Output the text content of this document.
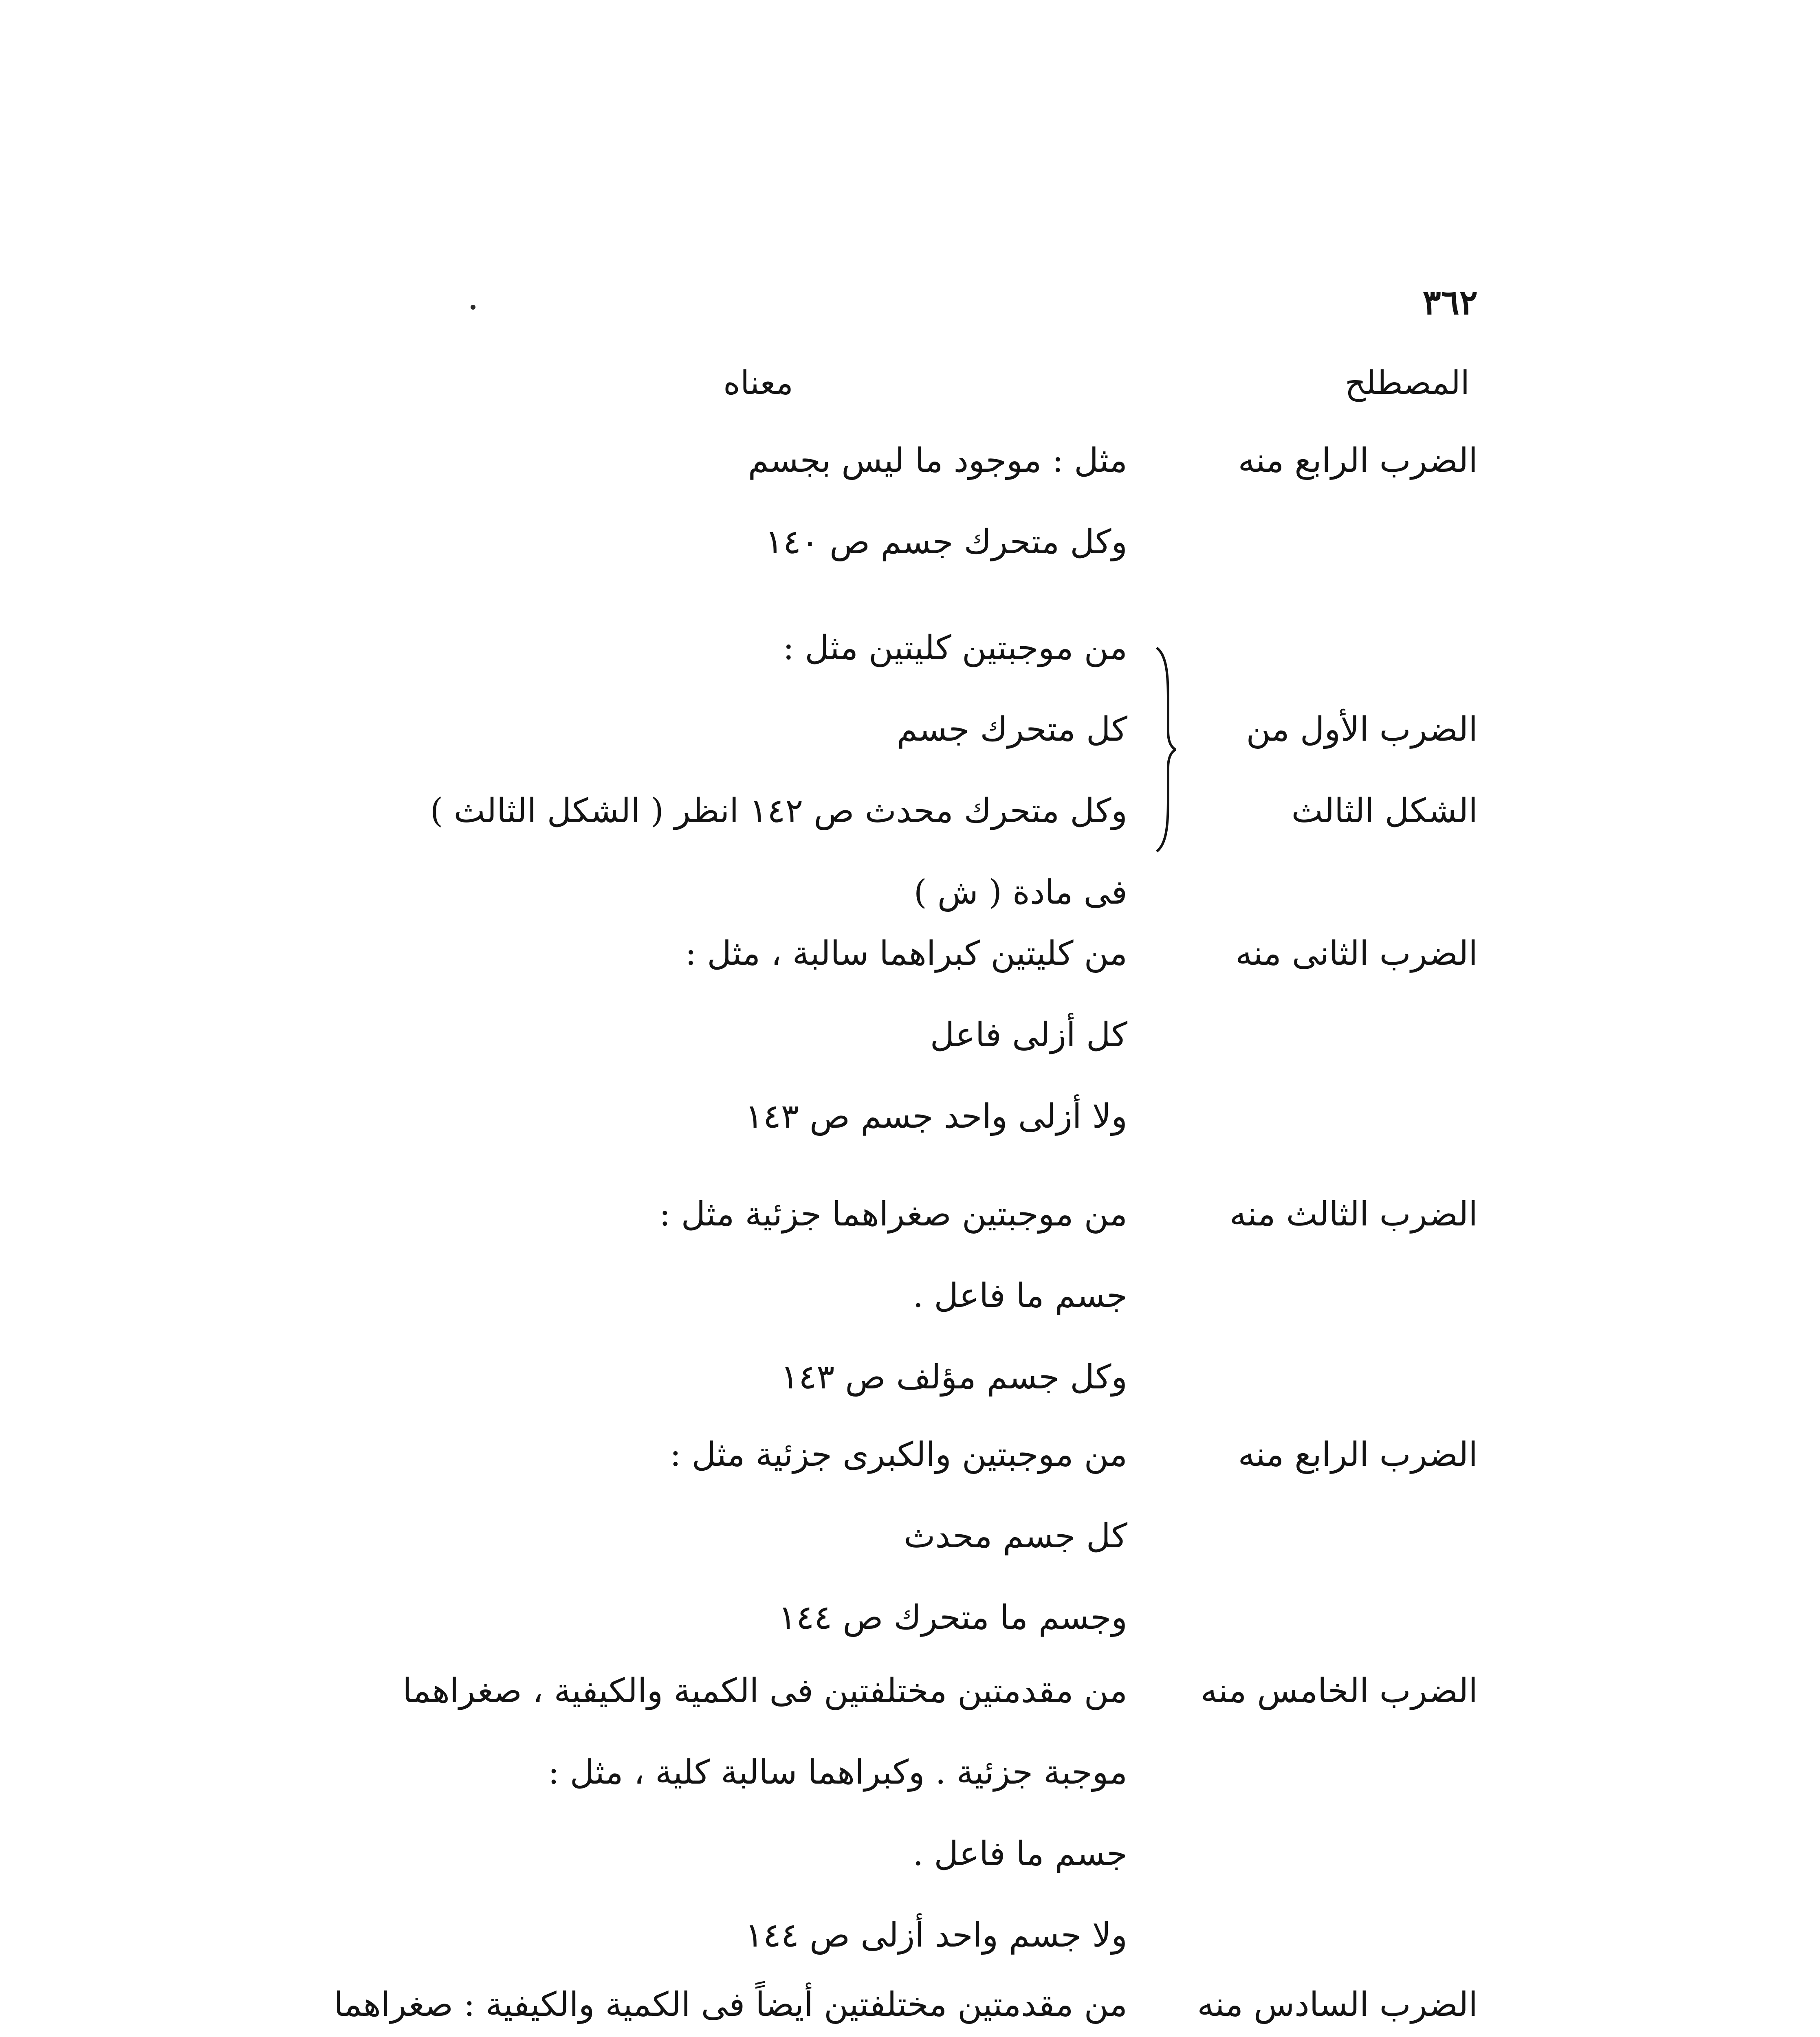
٣٦٢
المصطلح
معناه
الضرب الرابع منه
مثل : موجود ما ليس بجسم
وكل متحرك جسم ص ١٤٠
الضرب الأول من
الشكل الثالث
من موجبتين كليتين مثل :
كل متحرك جسم
وكل متحرك محدث ص ١٤٢ انظر ( الشكل الثالث )
فى مادة ( ش )
الضرب الثانى منه
من كليتين كبراهما سالبة ، مثل :
كل أزلى فاعل
ولا أزلى واحد جسم ص ١٤٣
الضرب الثالث منه
من موجبتين صغراهما جزئية مثل :
جسم ما فاعل .
وكل جسم مؤلف ص ١٤٣
الضرب الرابع منه
من موجبتين والكبرى جزئية مثل :
كل جسم محدث
وجسم ما متحرك ص ١٤٤
الضرب الخامس منه
من مقدمتين مختلفتين فى الكمية والكيفية ، صغراهما
موجبة جزئية . وكبراهما سالبة كلية ، مثل :
جسم ما فاعل .
ولا جسم واحد أزلى ص ١٤٤
الضرب السادس منه
من مقدمتين مختلفتين أيضاً فى الكمية والكيفية : صغراهما
